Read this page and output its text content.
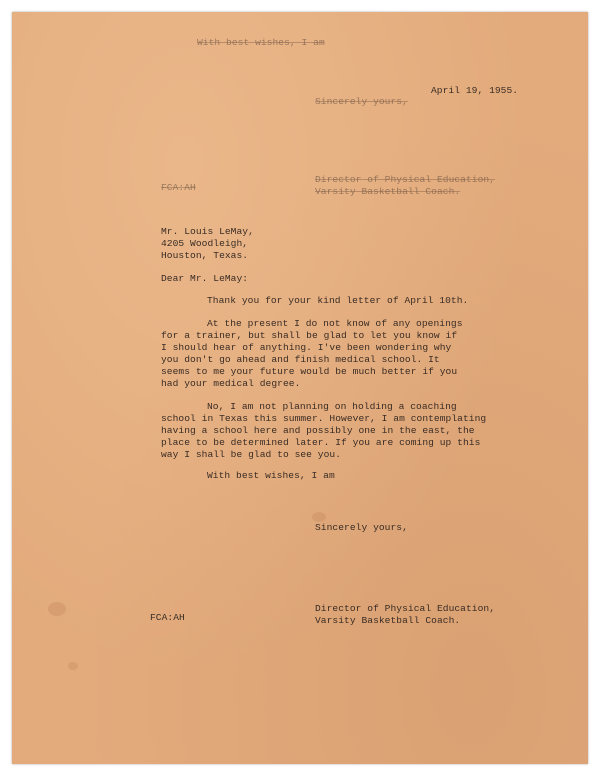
With best wishes, I am
April 19, 1955.
Sincerely yours,
FCA:AH
Director of Physical Education,
Varsity Basketball Coach.
Mr. Louis LeMay,
4205 Woodleigh,
Houston, Texas.
Dear Mr. LeMay:
Thank you for your kind letter of April 10th.
At the present I do not know of any openings
for a trainer, but shall be glad to let you know if
I should hear of anything. I've been wondering why
you don't go ahead and finish medical school. It
seems to me your future would be much better if you
had your medical degree.
No, I am not planning on holding a coaching
school in Texas this summer. However, I am contemplating
having a school here and possibly one in the east, the
place to be determined later. If you are coming up this
way I shall be glad to see you.
With best wishes, I am
Sincerely yours,
FCA:AH
Director of Physical Education,
Varsity Basketball Coach.
